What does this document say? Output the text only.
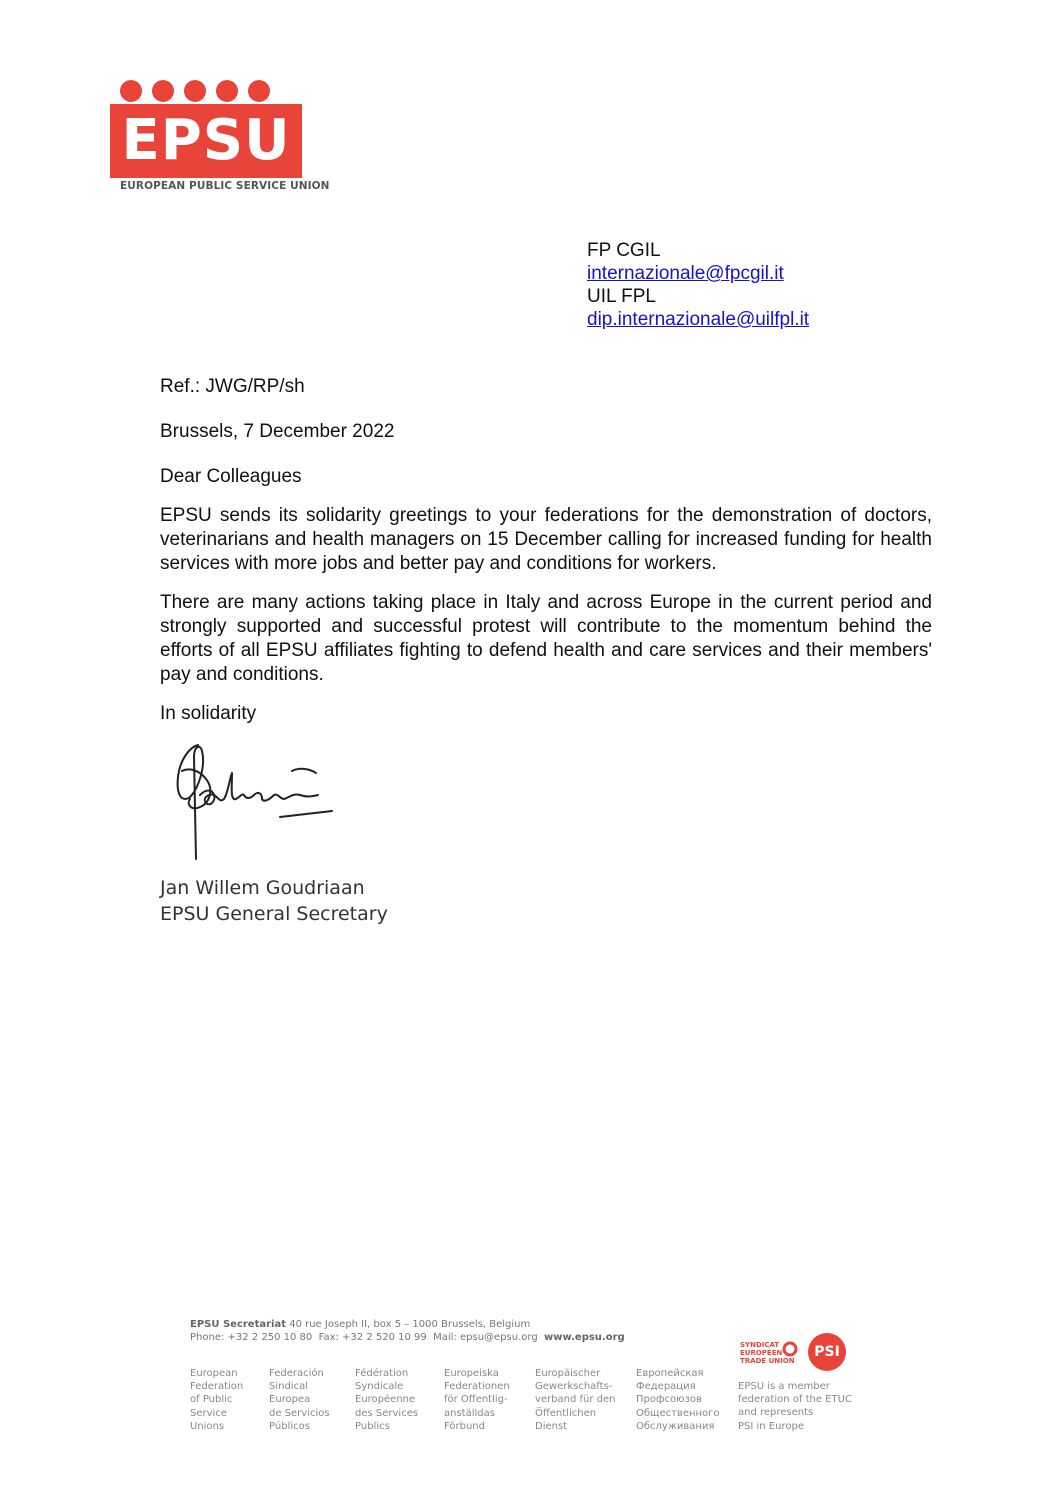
EPSU
EUROPEAN PUBLIC SERVICE UNION
FP CGIL
internazionale@fpcgil.it
UIL FPL
dip.internazionale@uilfpl.it
Ref.: JWG/RP/sh
Brussels, 7 December 2022
Dear Colleagues
EPSU sends its solidarity greetings to your federations for the demonstration of doctors, veterinarians and health managers on 15 December calling for increased funding for health services with more jobs and better pay and conditions for workers.
There are many actions taking place in Italy and across Europe in the current period and strongly supported and successful protest will contribute to the momentum behind the efforts of all EPSU affiliates fighting to defend health and care services and their members' pay and conditions.
In solidarity
Jan Willem Goudriaan
EPSU General Secretary
EPSU Secretariat 40 rue Joseph II, box 5 – 1000 Brussels, Belgium
Phone: +32 2 250 10 80 Fax: +32 2 520 10 99 Mail: epsu@epsu.org www.epsu.org
European
Federation
of Public
Service
Unions
Federación
Sindical
Europea
de Servicios
Públicos
Fédération
Syndicale
Européenne
des Services
Publics
Europeiska
Federationen
för Offentlig-
anställdas
Förbund
Europäischer
Gewerkschafts-
verband für den
Öffentlichen
Dienst
Европейская
Федерация
Профсоюзов
Общественного
Обслуживания
SYNDICAT
EUROPÉEN
TRADE UNION
PSI
EPSU is a member
federation of the ETUC
and represents
PSI in Europe
